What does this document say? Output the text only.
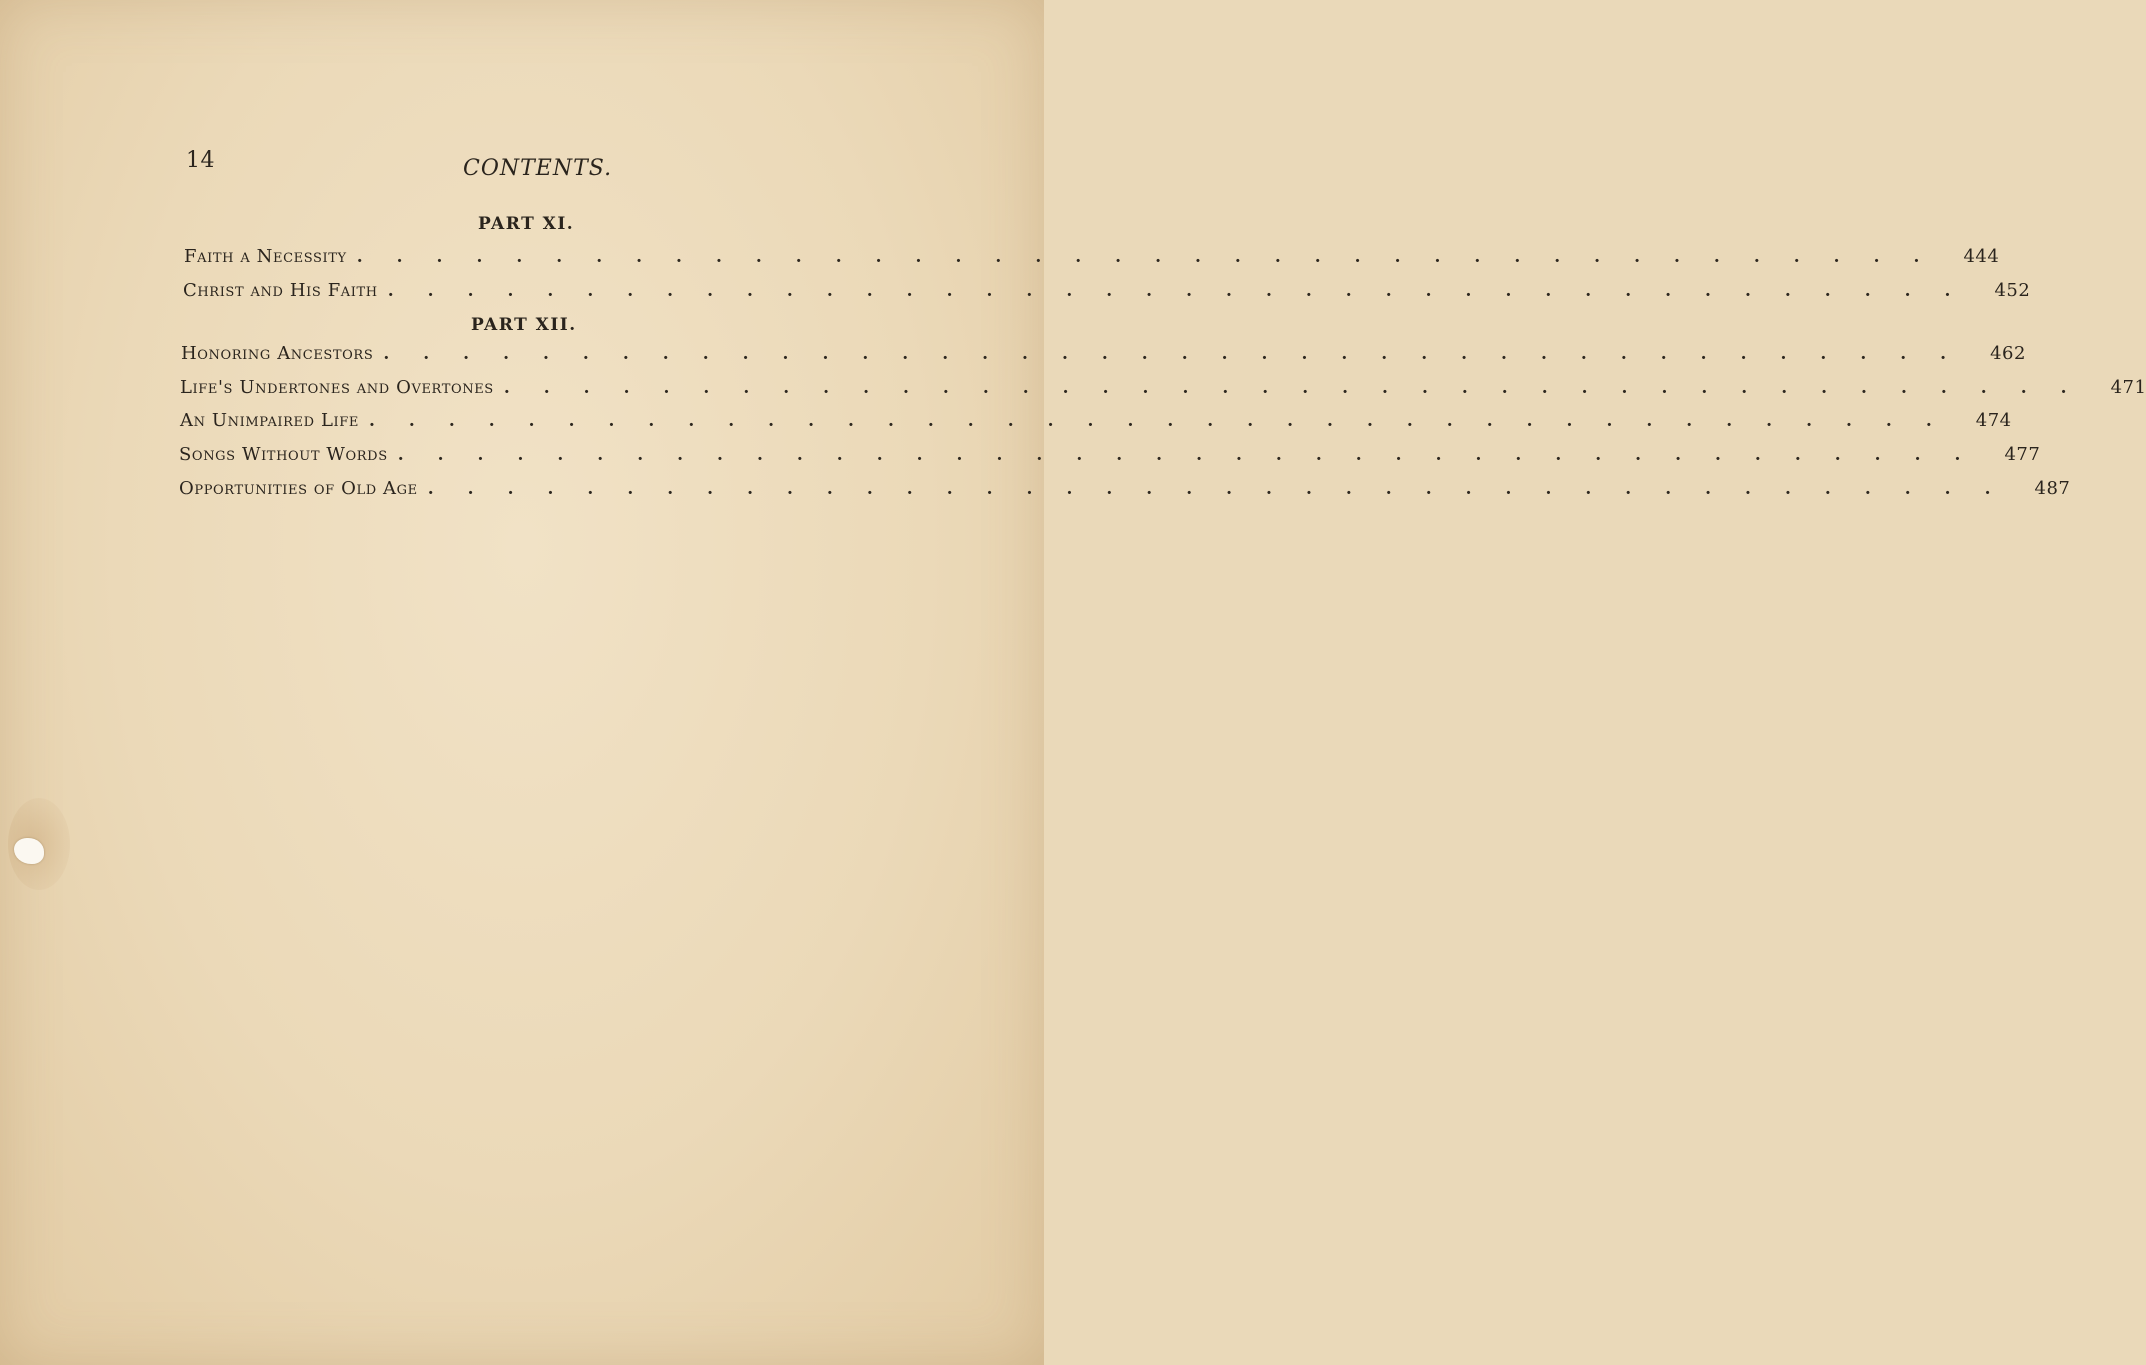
14	CONTENTS.
PART XI.
Faith a Necessity .  .  .  .  .  .  .  .  .  .  .  .  .  .  .  .  .  .  .  .  .  .  .  .  .  .  .  .  .  .  .  .  .  .  .  .  .  .  .  .   444
Christ and His Faith .  .  .  .  .  .  .  .  .  .  .  .  .  .  .  .  .  .  .  .  .  .  .  .  .  .  .  .  .  .  .  .  .  .  .  .  .  .  .  .   452
PART XII.
Honoring Ancestors .  .  .  .  .  .  .  .  .  .  .  .  .  .  .  .  .  .  .  .  .  .  .  .  .  .  .  .  .  .  .  .  .  .  .  .  .  .  .  .   462
Life's Undertones and Overtones .  .  .  .  .  .  .  .  .  .  .  .  .  .  .  .  .  .  .  .  .  .  .  .  .  .  .  .  .  .  .  .  .  .  .  .  .  .  .  .   471
An Unimpaired Life .  .  .  .  .  .  .  .  .  .  .  .  .  .  .  .  .  .  .  .  .  .  .  .  .  .  .  .  .  .  .  .  .  .  .  .  .  .  .  .   474
Songs Without Words .  .  .  .  .  .  .  .  .  .  .  .  .  .  .  .  .  .  .  .  .  .  .  .  .  .  .  .  .  .  .  .  .  .  .  .  .  .  .  .   477
Opportunities of Old Age .  .  .  .  .  .  .  .  .  .  .  .  .  .  .  .  .  .  .  .  .  .  .  .  .  .  .  .  .  .  .  .  .  .  .  .  .  .  .  .   487
